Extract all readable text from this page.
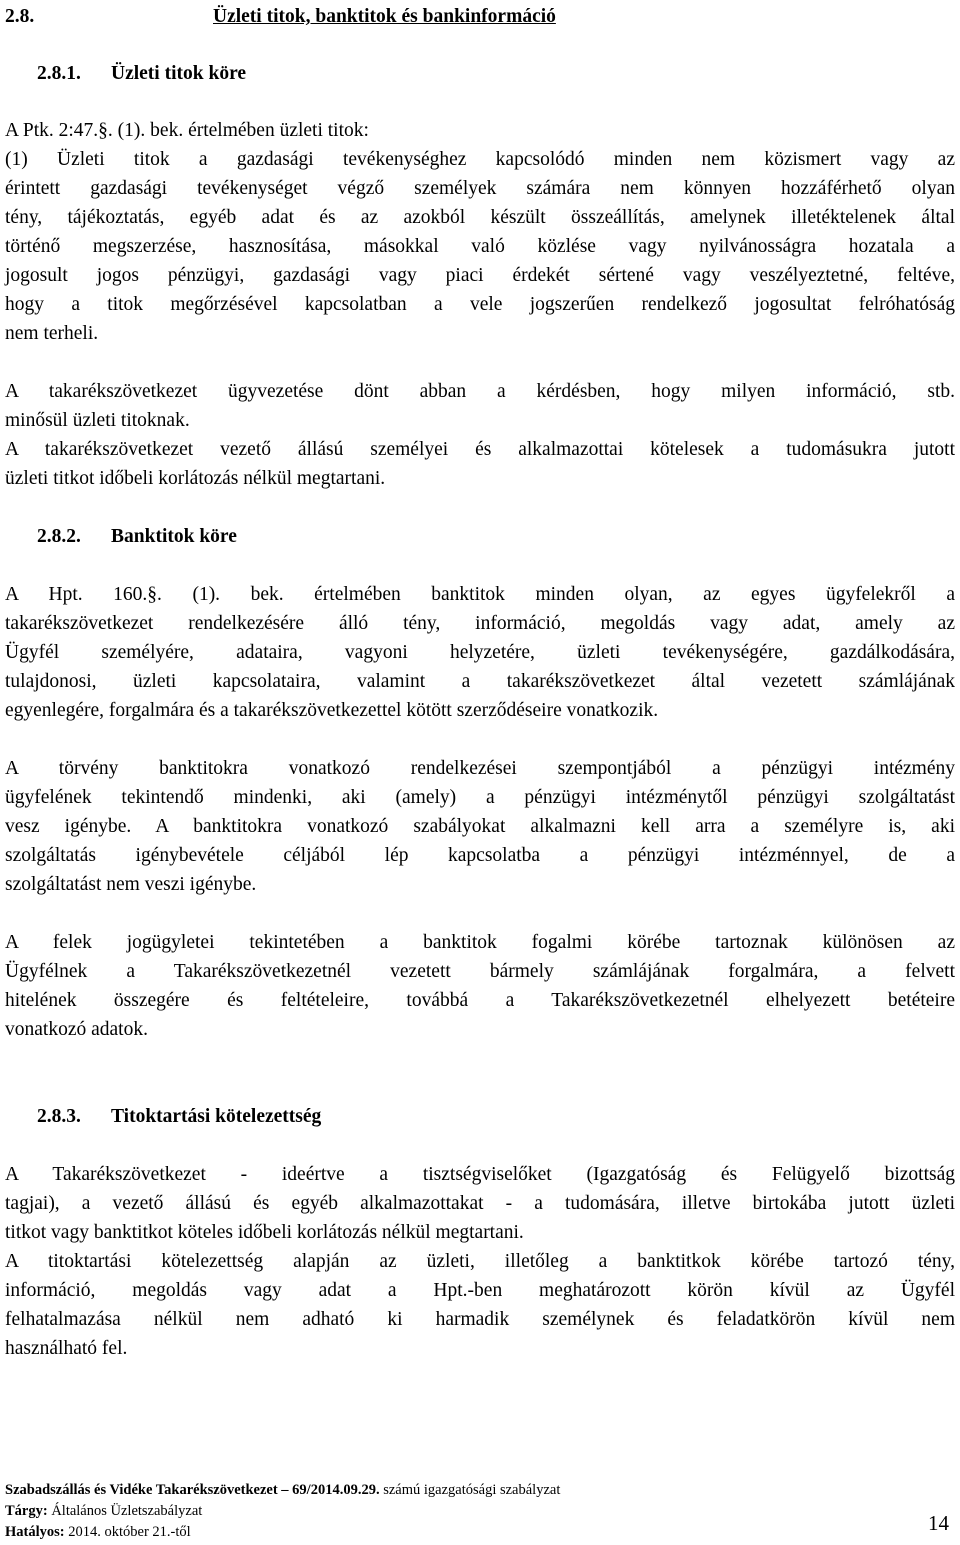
2.8.	Üzleti titok, banktitok és bankinformáció
2.8.1. Üzleti titok köre
A Ptk. 2:47.§. (1). bek. értelmében üzleti titok:
(1) Üzleti titok a gazdasági tevékenységhez kapcsolódó minden nem közismert vagy az
érintett gazdasági tevékenységet végző személyek számára nem könnyen hozzáférhető olyan
tény, tájékoztatás, egyéb adat és az azokból készült összeállítás, amelynek illetéktelenek által
történő megszerzése, hasznosítása, másokkal való közlése vagy nyilvánosságra hozatala a
jogosult jogos pénzügyi, gazdasági vagy piaci érdekét sértené vagy veszélyeztetné, feltéve,
hogy a titok megőrzésével kapcsolatban a vele jogszerűen rendelkező jogosultat felróhatóság
nem terheli.
A takarékszövetkezet ügyvezetése dönt abban a kérdésben, hogy milyen információ, stb.
minősül üzleti titoknak.
A takarékszövetkezet vezető állású személyei és alkalmazottai kötelesek a tudomásukra jutott
üzleti titkot időbeli korlátozás nélkül megtartani.
2.8.2. Banktitok köre
A Hpt. 160.§. (1). bek. értelmében banktitok minden olyan, az egyes ügyfelekről a
takarékszövetkezet rendelkezésére álló tény, információ, megoldás vagy adat, amely az
Ügyfél személyére, adataira, vagyoni helyzetére, üzleti tevékenységére, gazdálkodására,
tulajdonosi, üzleti kapcsolataira, valamint a takarékszövetkezet által vezetett számlájának
egyenlegére, forgalmára és a takarékszövetkezettel kötött szerződéseire vonatkozik.
A törvény banktitokra vonatkozó rendelkezései szempontjából a pénzügyi intézmény
ügyfelének tekintendő mindenki, aki (amely) a pénzügyi intézménytől pénzügyi szolgáltatást
vesz igénybe. A banktitokra vonatkozó szabályokat alkalmazni kell arra a személyre is, aki
szolgáltatás igénybevétele céljából lép kapcsolatba a pénzügyi intézménnyel, de a
szolgáltatást nem veszi igénybe.
A felek jogügyletei tekintetében a banktitok fogalmi körébe tartoznak különösen az
Ügyfélnek a Takarékszövetkezetnél vezetett bármely számlájának forgalmára, a felvett
hitelének összegére és feltételeire, továbbá a Takarékszövetkezetnél elhelyezett betéteire
vonatkozó adatok.
2.8.3. Titoktartási kötelezettség
A Takarékszövetkezet - ideértve a tisztségviselőket (Igazgatóság és Felügyelő bizottság
tagjai), a vezető állású és egyéb alkalmazottakat - a tudomására, illetve birtokába jutott üzleti
titkot vagy banktitkot köteles időbeli korlátozás nélkül megtartani.
A titoktartási kötelezettség alapján az üzleti, illetőleg a banktitkok körébe tartozó tény,
információ, megoldás vagy adat a Hpt.-ben meghatározott körön kívül az Ügyfél
felhatalmazása nélkül nem adható ki harmadik személynek és feladatkörön kívül nem
használható fel.
Szabadszállás és Vidéke Takarékszövetkezet – 69/2014.09.29. számú igazgatósági szabályzat
Tárgy: Általános Üzletszabályzat
Hatályos: 2014. október 21.-től	14
